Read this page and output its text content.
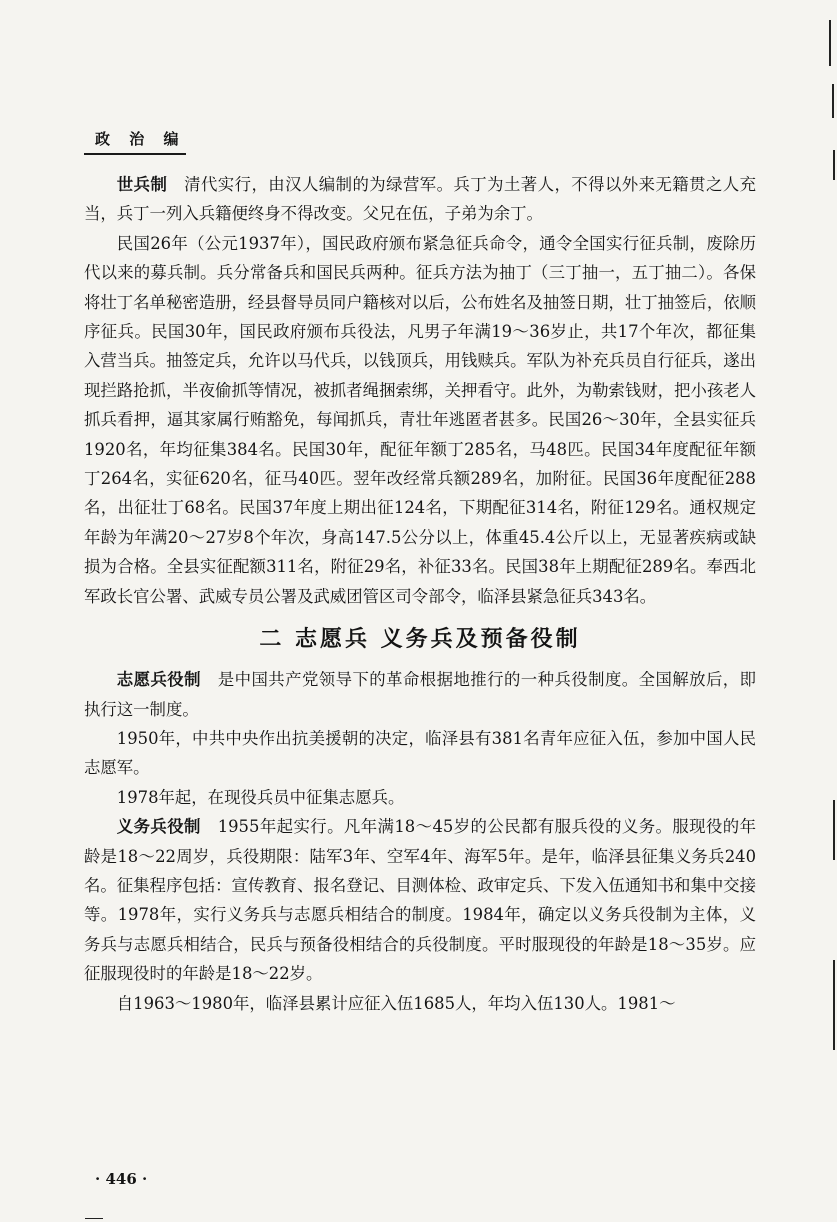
政 治 编

世兵制　 清代实行，由汉人编制的为绿营军。兵丁为土著人，不得以外来无籍贯之人充当，兵丁一列入兵籍便终身不得改变。父兄在伍，子弟为余丁。

民国26年（公元1937年），国民政府颁布紧急征兵命令，通令全国实行征兵制，废除历代以来的募兵制。兵分常备兵和国民兵两种。征兵方法为抽丁（三丁抽一，五丁抽二）。各保将壮丁名单秘密造册，经县督导员同户籍核对以后，公布姓名及抽签日期，壮丁抽签后，依顺序征兵。民国30年，国民政府颁布兵役法，凡男子年满19～36岁止，共17个年次，都征集入营当兵。抽签定兵，允许以马代兵，以钱顶兵，用钱赎兵。军队为补充兵员自行征兵，遂出现拦路抢抓，半夜偷抓等情况，被抓者绳捆索绑，关押看守。此外，为勒索钱财，把小孩老人抓兵看押，逼其家属行贿豁免，每闻抓兵，青壮年逃匿者甚多。民国26～30年，全县实征兵1920名，年均征集384名。民国30年，配征年额丁285名，马48匹。民国34年度配征年额丁264名，实征620名，征马40匹。翌年改经常兵额289名，加附征。民国36年度配征288名，出征壮丁68名。民国37年度上期出征124名，下期配征314名，附征129名。通权规定年龄为年满20～27岁8个年次，身高147.5公分以上，体重45.4公斤以上，无显著疾病或缺损为合格。全县实征配额311名，附征29名，补征33名。民国38年上期配征289名。奉西北军政长官公署、武威专员公署及武威团管区司令部令，临泽县紧急征兵343名。

二 志愿兵 义务兵及预备役制

志愿兵役制　 是中国共产党领导下的革命根据地推行的一种兵役制度。全国解放后，即执行这一制度。

1950年，中共中央作出抗美援朝的决定，临泽县有381名青年应征入伍，参加中国人民志愿军。

1978年起，在现役兵员中征集志愿兵。

义务兵役制　 1955年起实行。凡年满18～45岁的公民都有服兵役的义务。服现役的年龄是18～22周岁，兵役期限：陆军3年、空军4年、海军5年。是年，临泽县征集义务兵240名。征集程序包括：宣传教育、报名登记、目测体检、政审定兵、下发入伍通知书和集中交接等。1978年，实行义务兵与志愿兵相结合的制度。1984年，确定以义务兵役制为主体，义务兵与志愿兵相结合，民兵与预备役相结合的兵役制度。平时服现役的年龄是18～35岁。应征服现役时的年龄是18～22岁。

自1963～1980年，临泽县累计应征入伍1685人，年均入伍130人。1981～

· 446 ·
